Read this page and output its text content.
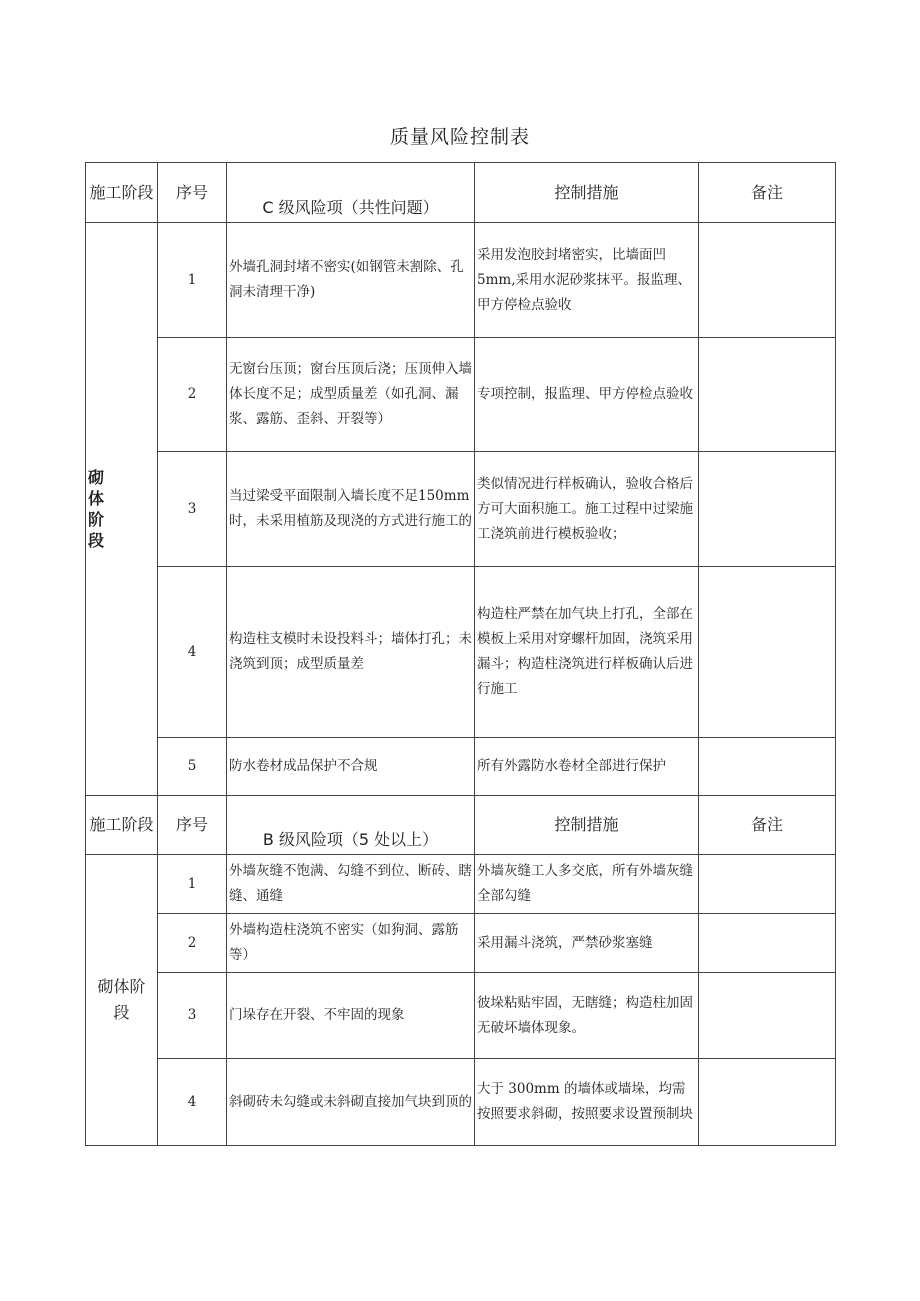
质量风险控制表
施工阶段	序号	C 级风险项（共性问题）	控制措施	备注

砌体阶段	1	外墙孔洞封堵不密实(如钢管未割除、孔洞未清理干净)	采用发泡胶封堵密实，比墙面凹5mm,采用水泥砂浆抹平。报监理、甲方停检点验收	
	2	无窗台压顶；窗台压顶后浇；压顶伸入墙体长度不足；成型质量差（如孔洞、漏浆、露筋、歪斜、开裂等）	专项控制，报监理、甲方停检点验收	
	3	当过梁受平面限制入墙长度不足150mm时，未采用植筋及现浇的方式进行施工的	类似情况进行样板确认，验收合格后方可大面积施工。施工过程中过梁施工浇筑前进行模板验收；	
	4	构造柱支模时未设投料斗；墙体打孔；未浇筑到顶；成型质量差	构造柱严禁在加气块上打孔，全部在模板上采用对穿螺杆加固，浇筑采用漏斗；构造柱浇筑进行样板确认后进行施工	
	5	防水卷材成品保护不合规	所有外露防水卷材全部进行保护	
施工阶段	序号	B 级风险项（5 处以上）	控制措施	备注

砌体阶段	1	外墙灰缝不饱满、勾缝不到位、断砖、瞎缝、通缝	外墙灰缝工人多交底，所有外墙灰缝全部勾缝	
	2	外墙构造柱浇筑不密实（如狗洞、露筋等）	采用漏斗浇筑，严禁砂浆塞缝	
	3	门垛存在开裂、不牢固的现象	彼垛粘贴牢固，无瞎缝；构造柱加固无破坏墙体现象。	
	4	斜砌砖未勾缝或未斜砌直接加气块到顶的	大于 300mm 的墙体或墙垛，均需按照要求斜砌，按照要求设置预制块	
